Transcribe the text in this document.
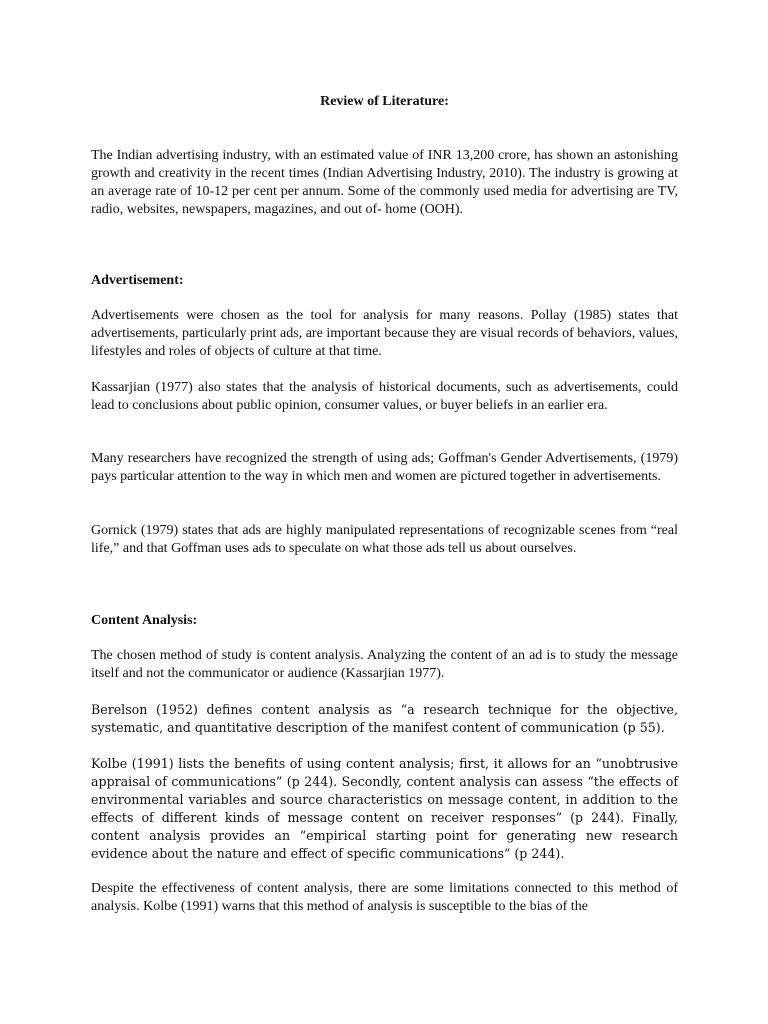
Review of Literature:

The Indian advertising industry, with an estimated value of INR 13,200 crore, has shown an astonishing growth and creativity in the recent times (Indian Advertising Industry, 2010). The industry is growing at an average rate of 10-12 per cent per annum. Some of the commonly used media for advertising are TV, radio, websites, newspapers, magazines, and out of- home (OOH).

Advertisement:

Advertisements were chosen as the tool for analysis for many reasons. Pollay (1985) states that advertisements, particularly print ads, are important because they are visual records of behaviors, values, lifestyles and roles of objects of culture at that time.

Kassarjian (1977) also states that the analysis of historical documents, such as advertisements, could lead to conclusions about public opinion, consumer values, or buyer beliefs in an earlier era.

Many researchers have recognized the strength of using ads; Goffman's Gender Advertisements, (1979) pays particular attention to the way in which men and women are pictured together in advertisements.

Gornick (1979) states that ads are highly manipulated representations of recognizable scenes from “real life,” and that Goffman uses ads to speculate on what those ads tell us about ourselves.

Content Analysis:

The chosen method of study is content analysis. Analyzing the content of an ad is to study the message itself and not the communicator or audience (Kassarjian 1977).

Berelson (1952) defines content analysis as “a research technique for the objective, systematic, and quantitative description of the manifest content of communication (p 55).

Kolbe (1991) lists the benefits of using content analysis; first, it allows for an “unobtrusive appraisal of communications” (p 244). Secondly, content analysis can assess “the effects of environmental variables and source characteristics on message content, in addition to the effects of different kinds of message content on receiver responses” (p 244). Finally, content analysis provides an “empirical starting point for generating new research evidence about the nature and effect of specific communications” (p 244).

Despite the effectiveness of content analysis, there are some limitations connected to this method of analysis. Kolbe (1991) warns that this method of analysis is susceptible to the bias of the
